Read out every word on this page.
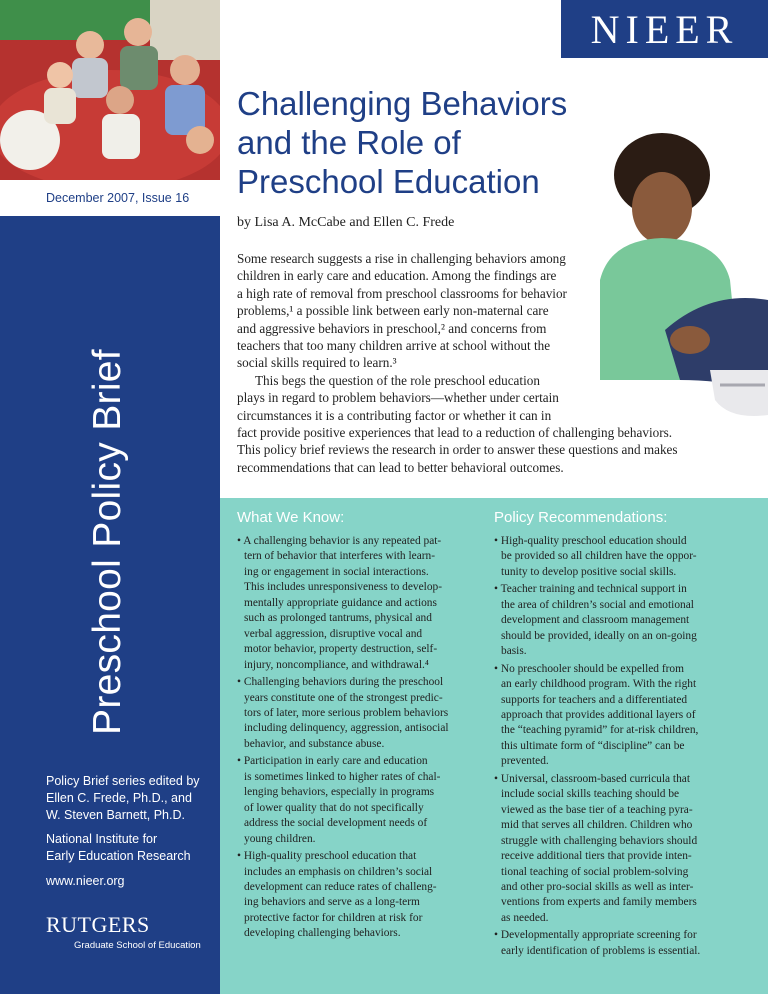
December 2007, Issue 16
Preschool Policy Brief
Policy Brief series edited by
Ellen C. Frede, Ph.D., and
W. Steven Barnett, Ph.D.
National Institute for
Early Education Research
www.nieer.org
RUTGERS
Graduate School of Education
NIEER
Challenging Behaviors
and the Role of
Preschool Education
by Lisa A. McCabe and Ellen C. Frede
Some research suggests a rise in challenging behaviors among
children in early care and education. Among the findings are
a high rate of removal from preschool classrooms for behavior
problems,¹ a possible link between early non-maternal care
and aggressive behaviors in preschool,² and concerns from
teachers that too many children arrive at school without the
social skills required to learn.³
This begs the question of the role preschool education
plays in regard to problem behaviors—whether under certain
circumstances it is a contributing factor or whether it can in
fact provide positive experiences that lead to a reduction of challenging behaviors.
This policy brief reviews the research in order to answer these questions and makes
recommendations that can lead to better behavioral outcomes.
What We Know:
• A challenging behavior is any repeated pat-
tern of behavior that interferes with learn-
ing or engagement in social interactions.
This includes unresponsiveness to develop-
mentally appropriate guidance and actions
such as prolonged tantrums, physical and
verbal aggression, disruptive vocal and
motor behavior, property destruction, self-
injury, noncompliance, and withdrawal.⁴
• Challenging behaviors during the preschool
years constitute one of the strongest predic-
tors of later, more serious problem behaviors
including delinquency, aggression, antisocial
behavior, and substance abuse.
• Participation in early care and education
is sometimes linked to higher rates of chal-
lenging behaviors, especially in programs
of lower quality that do not specifically
address the social development needs of
young children.
• High-quality preschool education that
includes an emphasis on children’s social
development can reduce rates of challeng-
ing behaviors and serve as a long-term
protective factor for children at risk for
developing challenging behaviors.
Policy Recommendations:
• High-quality preschool education should
be provided so all children have the oppor-
tunity to develop positive social skills.
• Teacher training and technical support in
the area of children’s social and emotional
development and classroom management
should be provided, ideally on an on-going
basis.
• No preschooler should be expelled from
an early childhood program. With the right
supports for teachers and a differentiated
approach that provides additional layers of
the “teaching pyramid” for at-risk children,
this ultimate form of “discipline” can be
prevented.
• Universal, classroom-based curricula that
include social skills teaching should be
viewed as the base tier of a teaching pyra-
mid that serves all children. Children who
struggle with challenging behaviors should
receive additional tiers that provide inten-
tional teaching of social problem-solving
and other pro-social skills as well as inter-
ventions from experts and family members
as needed.
• Developmentally appropriate screening for
early identification of problems is essential.
